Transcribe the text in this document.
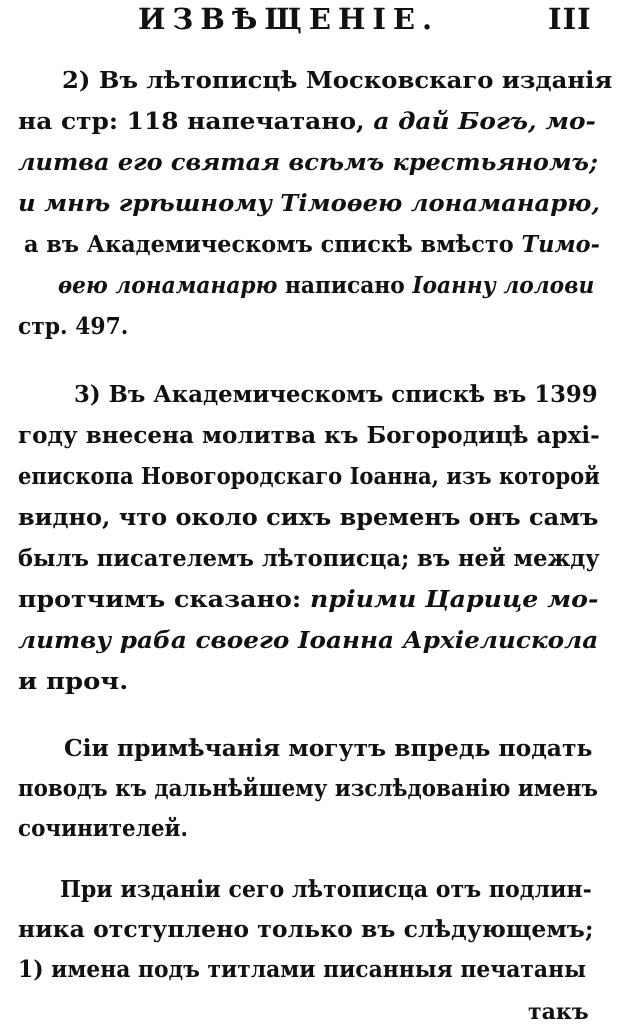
ИЗВѢЩЕНІЕ.	III
2) Въ лѣтописцѣ Московскаго изданія
на стр: 118 напечатано, а дай Богъ, мо-
литва его святая всѣмъ крестьяномъ;
и мнѣ грѣшному Тімоѳею лонаманарю,
а въ Академическомъ спискѣ вмѣсто Тимо-
ѳею лонаманарю написано Іоанну лолови
стр. 497.
3) Въ Академическомъ спискѣ въ 1399
году внесена молитва къ Богородицѣ архі-
епископа Новогородскаго Іоанна, изъ которой
видно, что около сихъ временъ онъ самъ
былъ писателемъ лѣтописца; въ ней между
протчимъ сказано: пріими Царице мо-
литву раба своего Іоанна Архіелискола
и проч.
Сіи примѣчанія могутъ впредь подать
поводъ къ дальнѣйшему изслѣдованію именъ
сочинителей.
При изданіи сего лѣтописца отъ подлин-
ника отступлено только въ слѣдующемъ;
1) имена подъ титлами писанныя печатаны
такъ
